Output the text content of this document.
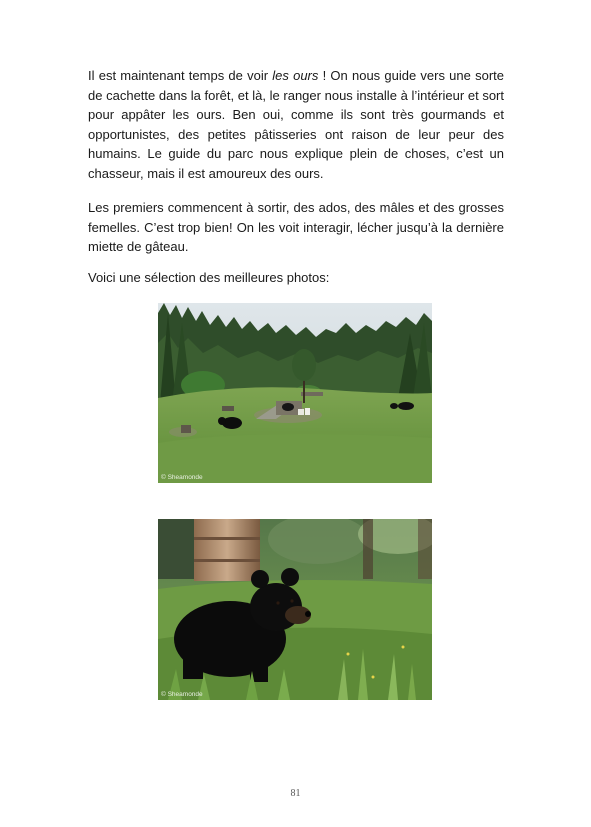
Il est maintenant temps de voir les ours ! On nous guide vers une sorte de cachette dans la forêt, et là, le ranger nous installe à l’intérieur et sort pour appâter les ours. Ben oui, comme ils sont très gourmands et opportunistes, des petites pâtisseries ont raison de leur peur des humains. Le guide du parc nous explique plein de choses, c’est un chasseur, mais il est amoureux des ours.

Les premiers commencent à sortir, des ados, des mâles et des grosses femelles. C’est trop bien! On les voit interagir, lécher jusqu’à la dernière miette de gâteau.

Voici une sélection des meilleures photos:

© Sheamonde
© Sheamonde
81
